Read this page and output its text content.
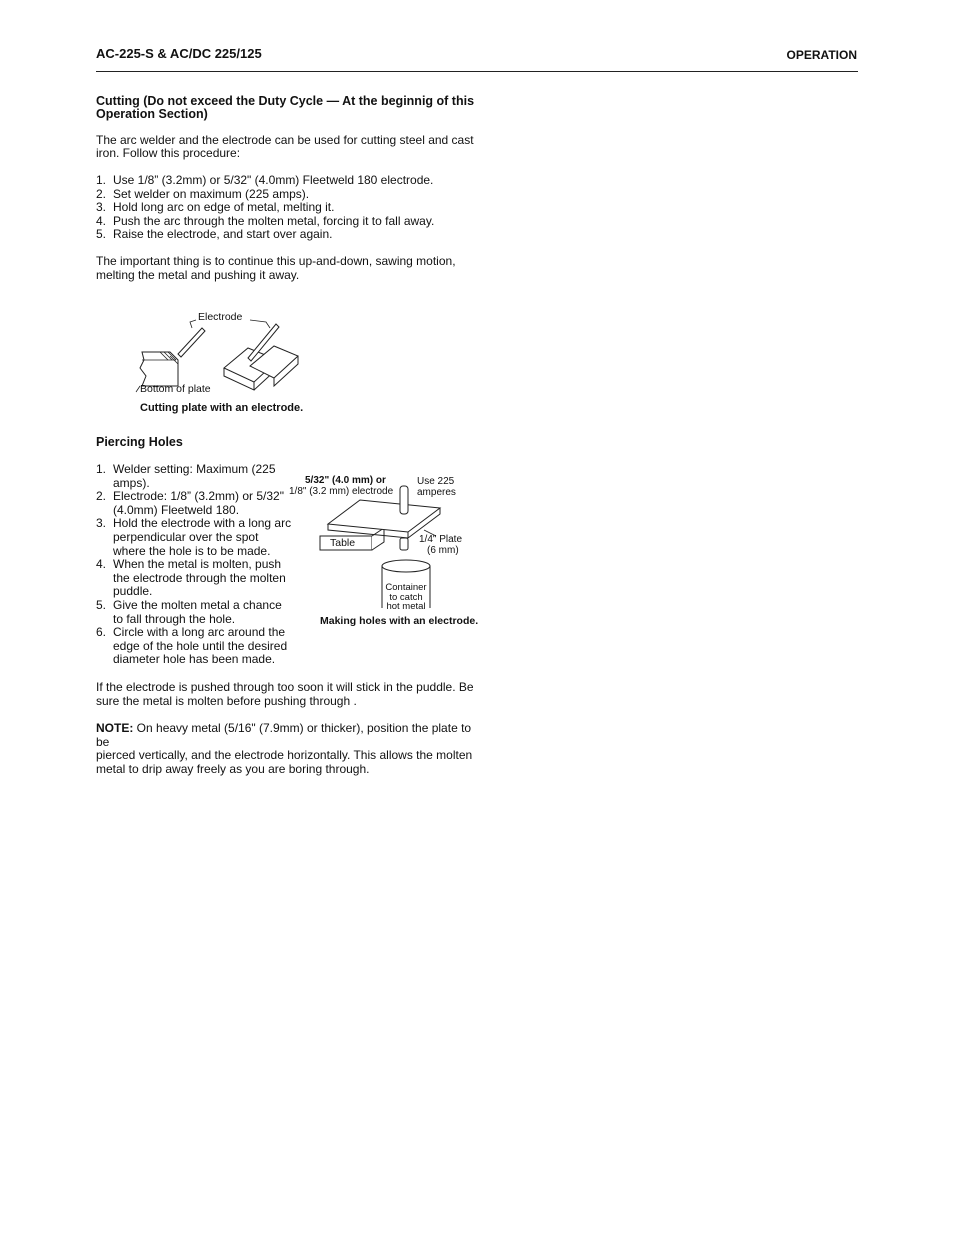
AC-225-S & AC/DC 225/125	OPERATION
Cutting (Do not exceed the Duty Cycle — At the beginnig of this
Operation Section)

The arc welder and the electrode can be used for cutting steel and cast
iron. Follow this procedure:

1. Use 1/8” (3.2mm) or 5/32" (4.0mm) Fleetweld 180 electrode.
2. Set welder on maximum (225 amps).
3. Hold long arc on edge of metal, melting it.
4. Push the arc through the molten metal, forcing it to fall away.
5. Raise the electrode, and start over again.

The important thing is to continue this up-and-down, sawing motion,
melting the metal and pushing it away.

Electrode
Bottom of plate
Cutting plate with an electrode.
Piercing Holes
1. Welder setting: Maximum (225
amps).
2. Electrode: 1/8” (3.2mm) or 5/32"
(4.0mm) Fleetweld 180.
3. Hold the electrode with a long arc
perpendicular over the spot
where the hole is to be made.
4. When the metal is molten, push
the electrode through the molten
puddle.
5. Give the molten metal a chance
to fall through the hole.
6. Circle with a long arc around the
edge of the hole until the desired
diameter hole has been made.
5/32" (4.0 mm) or
1/8" (3.2 mm) electrode
Use 225
amperes
Table	1/4" Plate
(6 mm)
Container
to catch
hot metal
Making holes with an electrode.

If the electrode is pushed through too soon it will stick in the puddle. Be
sure the metal is molten before pushing through .

NOTE: On heavy metal (5/16" (7.9mm) or thicker), position the plate to be
pierced vertically, and the electrode horizontally. This allows the molten
metal to drip away freely as you are boring through.
